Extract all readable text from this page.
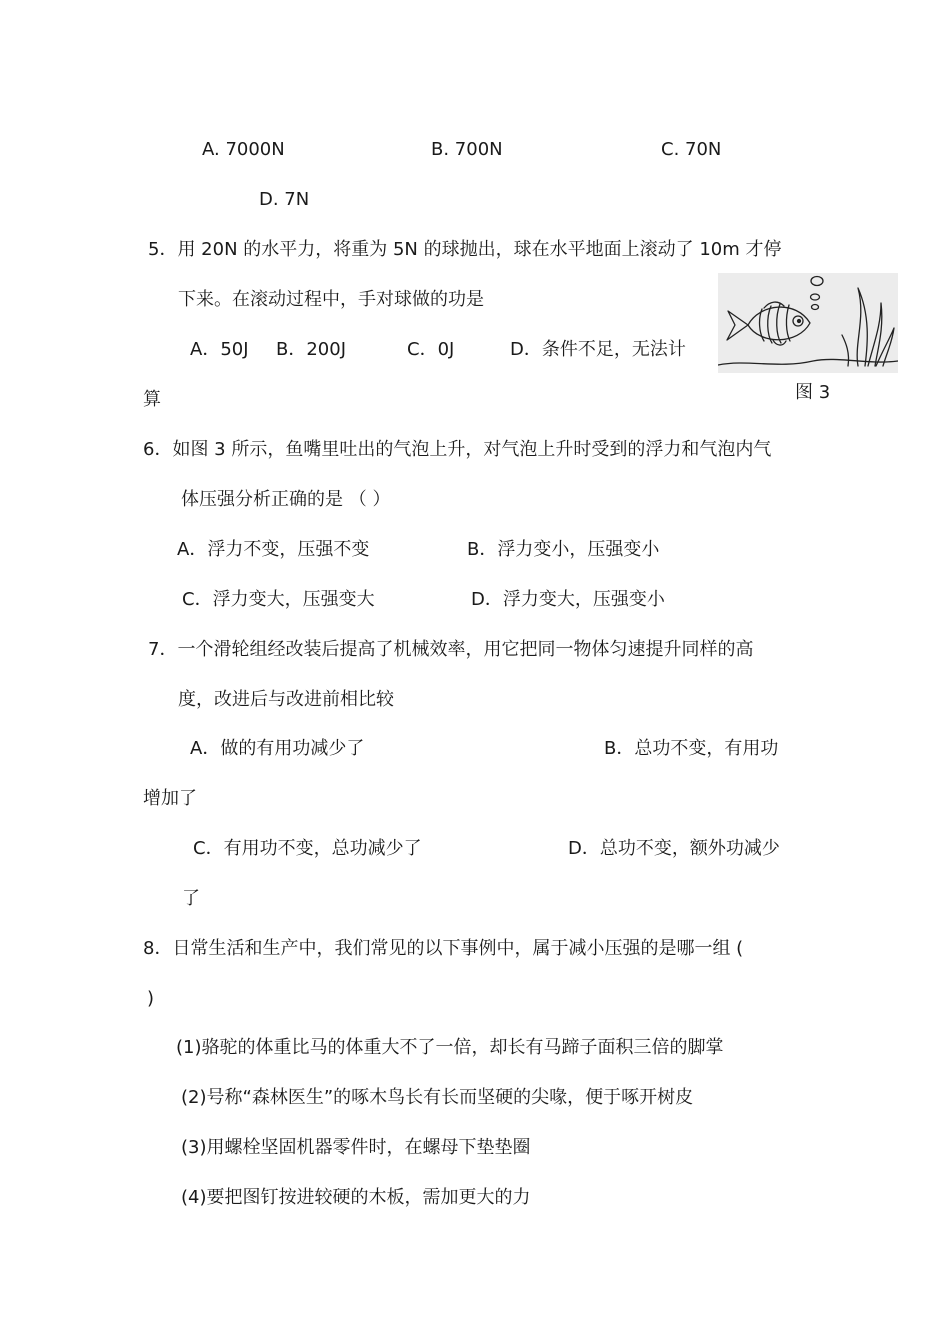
A. 7000N	B. 700N	C. 70N
D. 7N
5．用 20N 的水平力，将重为 5N 的球抛出，球在水平地面上滚动了 10m 才停
下来。在滚动过程中，手对球做的功是
A．50J B．200J	C．0J	D．条件不足，无法计
算	图 3
6．如图 3 所示，鱼嘴里吐出的气泡上升，对气泡上升时受到的浮力和气泡内气
体压强分析正确的是 （ ）
A．浮力不变，压强不变	B．浮力变小，压强变小
C．浮力变大，压强变大	D．浮力变大，压强变小
7．一个滑轮组经改装后提高了机械效率，用它把同一物体匀速提升同样的高
度，改进后与改进前相比较
A．做的有用功减少了	B．总功不变，有用功
增加了
C．有用功不变，总功减少了	D．总功不变，额外功减少
了
8．日常生活和生产中，我们常见的以下事例中，属于减小压强的是哪一组 (
)
(1)骆驼的体重比马的体重大不了一倍，却长有马蹄子面积三倍的脚掌
(2)号称“森林医生”的啄木鸟长有长而坚硬的尖喙，便于啄开树皮
(3)用螺栓坚固机器零件时，在螺母下垫垫圈
(4)要把图钉按进较硬的木板，需加更大的力
